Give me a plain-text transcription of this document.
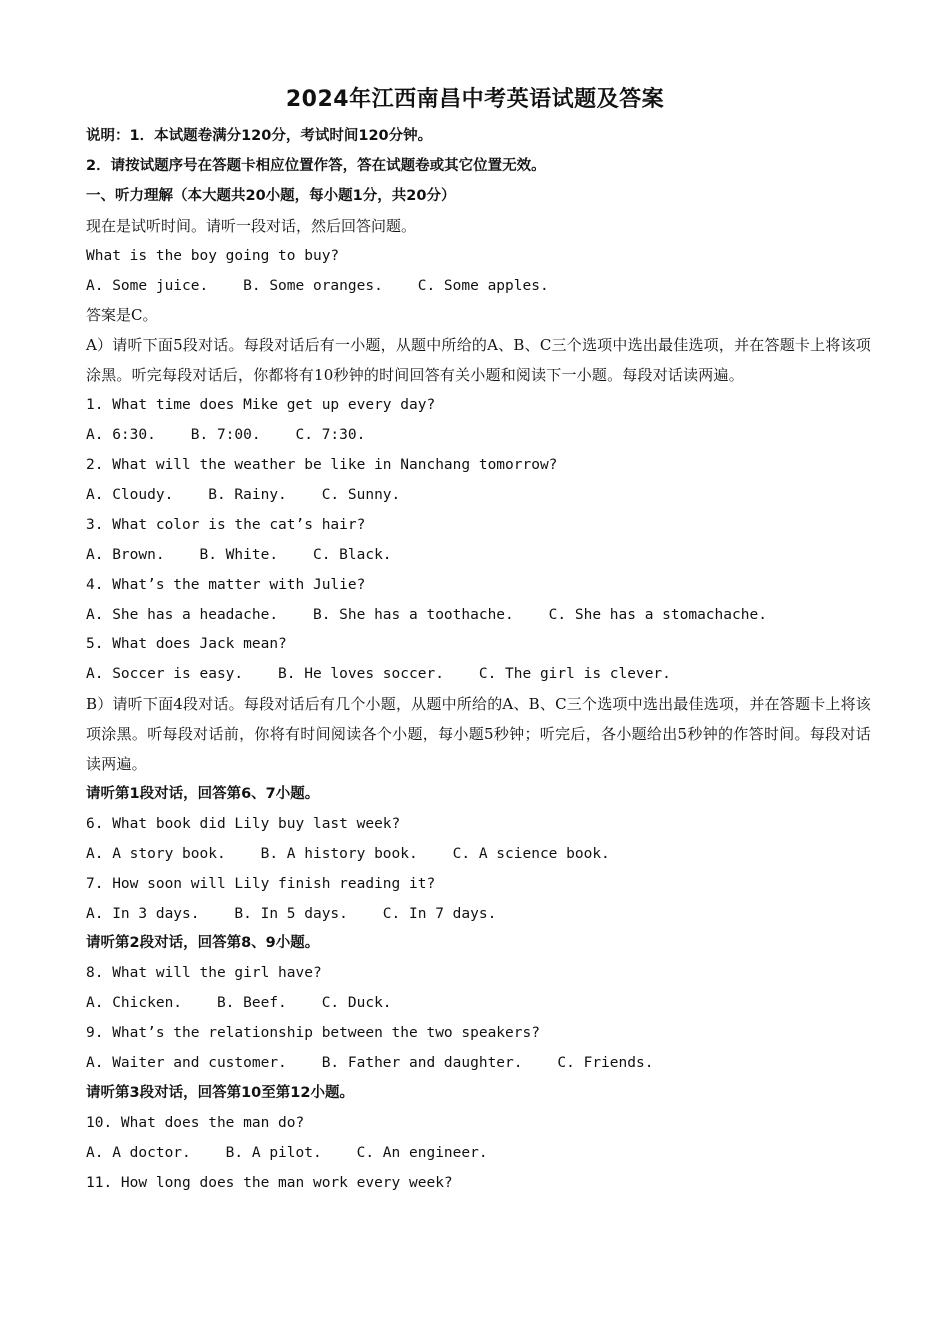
2024年江西南昌中考英语试题及答案
说明：1．本试题卷满分120分，考试时间120分钟。
2．请按试题序号在答题卡相应位置作答，答在试题卷或其它位置无效。
一、听力理解（本大题共20小题，每小题1分，共20分）
现在是试听时间。请听一段对话，然后回答问题。
What is the boy going to buy?
A. Some juice.    B. Some oranges.    C. Some apples.
答案是C。
A）请听下面5段对话。每段对话后有一小题，从题中所给的A、B、C三个选项中选出最佳选项，并在答题卡上将该项涂黑。听完每段对话后，你都将有10秒钟的时间回答有关小题和阅读下一小题。每段对话读两遍。
1. What time does Mike get up every day?
A. 6:30.    B. 7:00.    C. 7:30.
2. What will the weather be like in Nanchang tomorrow?
A. Cloudy.    B. Rainy.    C. Sunny.
3. What color is the cat’s hair?
A. Brown.    B. White.    C. Black.
4. What’s the matter with Julie?
A. She has a headache.    B. She has a toothache.    C. She has a stomachache.
5. What does Jack mean?
A. Soccer is easy.    B. He loves soccer.    C. The girl is clever.
B）请听下面4段对话。每段对话后有几个小题，从题中所给的A、B、C三个选项中选出最佳选项，并在答题卡上将该项涂黑。听每段对话前，你将有时间阅读各个小题，每小题5秒钟；听完后，各小题给出5秒钟的作答时间。每段对话读两遍。
请听第1段对话，回答第6、7小题。
6. What book did Lily buy last week?
A. A story book.    B. A history book.    C. A science book.
7. How soon will Lily finish reading it?
A. In 3 days.    B. In 5 days.    C. In 7 days.
请听第2段对话，回答第8、9小题。
8. What will the girl have?
A. Chicken.    B. Beef.    C. Duck.
9. What’s the relationship between the two speakers?
A. Waiter and customer.    B. Father and daughter.    C. Friends.
请听第3段对话，回答第10至第12小题。
10. What does the man do?
A. A doctor.    B. A pilot.    C. An engineer.
11. How long does the man work every week?
